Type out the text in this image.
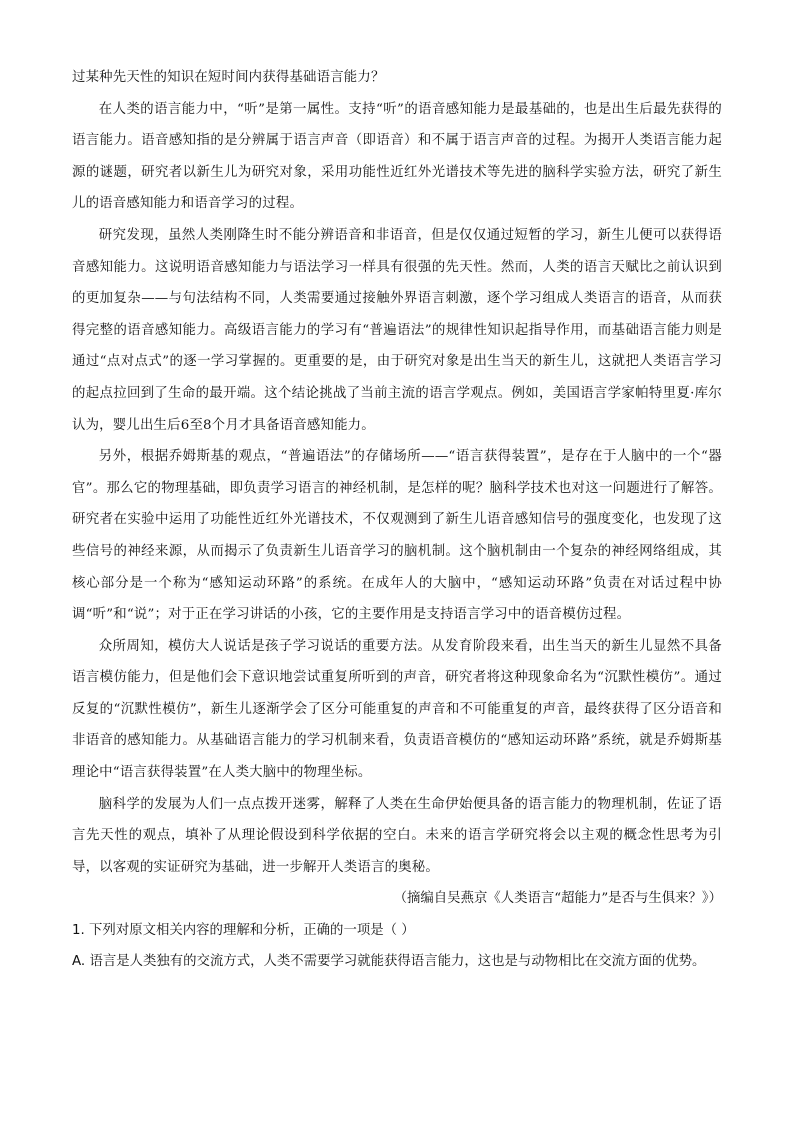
过某种先天性的知识在短时间内获得基础语言能力？

在人类的语言能力中，“听”是第一属性。支持“听”的语音感知能力是最基础的，也是出生后最先获得的语言能力。语音感知指的是分辨属于语言声音（即语音）和不属于语言声音的过程。为揭开人类语言能力起源的谜题，研究者以新生儿为研究对象，采用功能性近红外光谱技术等先进的脑科学实验方法，研究了新生儿的语音感知能力和语音学习的过程。

研究发现，虽然人类刚降生时不能分辨语音和非语音，但是仅仅通过短暂的学习，新生儿便可以获得语音感知能力。这说明语音感知能力与语法学习一样具有很强的先天性。然而，人类的语言天赋比之前认识到的更加复杂——与句法结构不同，人类需要通过接触外界语言刺激，逐个学习组成人类语言的语音，从而获得完整的语音感知能力。高级语言能力的学习有“普遍语法”的规律性知识起指导作用，而基础语言能力则是通过“点对点式”的逐一学习掌握的。更重要的是，由于研究对象是出生当天的新生儿，这就把人类语言学习的起点拉回到了生命的最开端。这个结论挑战了当前主流的语言学观点。例如，美国语言学家帕特里夏·库尔认为，婴儿出生后6至8个月才具备语音感知能力。

另外，根据乔姆斯基的观点，“普遍语法”的存储场所——“语言获得装置”，是存在于人脑中的一个“器官”。那么它的物理基础，即负责学习语言的神经机制，是怎样的呢？脑科学技术也对这一问题进行了解答。研究者在实验中运用了功能性近红外光谱技术，不仅观测到了新生儿语音感知信号的强度变化，也发现了这些信号的神经来源，从而揭示了负责新生儿语音学习的脑机制。这个脑机制由一个复杂的神经网络组成，其核心部分是一个称为“感知运动环路”的系统。在成年人的大脑中，“感知运动环路”负责在对话过程中协调“听”和“说”；对于正在学习讲话的小孩，它的主要作用是支持语言学习中的语音模仿过程。

众所周知，模仿大人说话是孩子学习说话的重要方法。从发育阶段来看，出生当天的新生儿显然不具备语言模仿能力，但是他们会下意识地尝试重复所听到的声音，研究者将这种现象命名为“沉默性模仿”。通过反复的“沉默性模仿”，新生儿逐渐学会了区分可能重复的声音和不可能重复的声音，最终获得了区分语音和非语音的感知能力。从基础语言能力的学习机制来看，负责语音模仿的“感知运动环路”系统，就是乔姆斯基理论中“语言获得装置”在人类大脑中的物理坐标。

脑科学的发展为人们一点点拨开迷雾，解释了人类在生命伊始便具备的语言能力的物理机制，佐证了语言先天性的观点，填补了从理论假设到科学依据的空白。未来的语言学研究将会以主观的概念性思考为引导，以客观的实证研究为基础，进一步解开人类语言的奥秘。

（摘编自吴燕京《人类语言“超能力”是否与生俱来？》）

1. 下列对原文相关内容的理解和分析，正确的一项是（ ）

A. 语言是人类独有的交流方式，人类不需要学习就能获得语言能力，这也是与动物相比在交流方面的优势。
